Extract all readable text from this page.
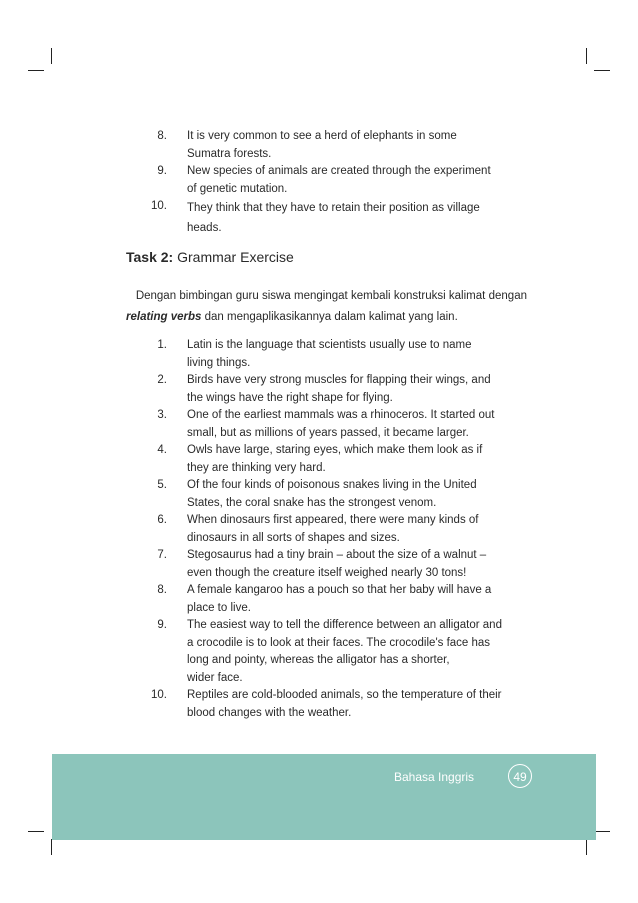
8. It is very common to see a herd of elephants in some
Sumatra forests.
9. New species of animals are created through the experiment
of genetic mutation.
10. They think that they have to retain their position as village
heads.
Task 2: Grammar Exercise
Dengan bimbingan guru siswa mengingat kembali konstruksi kalimat dengan relating verbs dan mengaplikasikannya dalam kalimat yang lain.
1. Latin is the language that scientists usually use to name
living things.
2. Birds have very strong muscles for flapping their wings, and
the wings have the right shape for flying.
3. One of the earliest mammals was a rhinoceros. It started out
small, but as millions of years passed, it became larger.
4. Owls have large, staring eyes, which make them look as if
they are thinking very hard.
5. Of the four kinds of poisonous snakes living in the United
States, the coral snake has the strongest venom.
6. When dinosaurs first appeared, there were many kinds of
dinosaurs in all sorts of shapes and sizes.
7. Stegosaurus had a tiny brain – about the size of a walnut –
even though the creature itself weighed nearly 30 tons!
8. A female kangaroo has a pouch so that her baby will have a
place to live.
9. The easiest way to tell the difference between an alligator and
a crocodile is to look at their faces. The crocodile's face has
long and pointy, whereas the alligator has a shorter,
wider face.
10. Reptiles are cold-blooded animals, so the temperature of their
blood changes with the weather.
Bahasa Inggris	49
